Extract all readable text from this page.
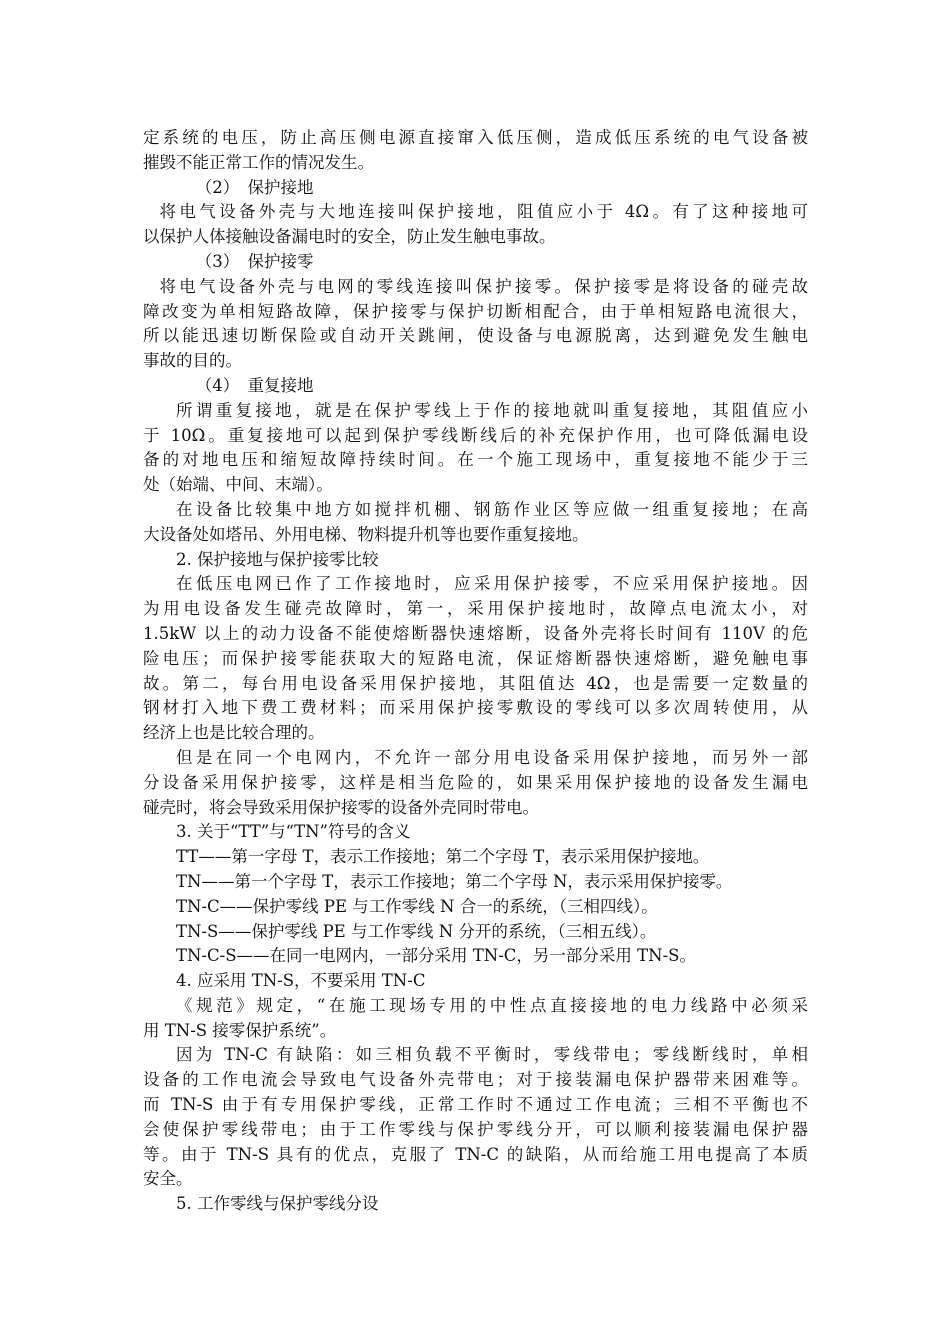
定系统的电压，防止高压侧电源直接窜入低压侧，造成低压系统的电气设备被

摧毁不能正常工作的情况发生。

（2）　保护接地

将电气设备外壳与大地连接叫保护接地，阻值应小于 4Ω。有了这种接地可

以保护人体接触设备漏电时的安全，防止发生触电事故。

（3）　保护接零

将电气设备外壳与电网的零线连接叫保护接零。保护接零是将设备的碰壳故

障改变为单相短路故障，保护接零与保护切断相配合，由于单相短路电流很大，

所以能迅速切断保险或自动开关跳闸，使设备与电源脱离，达到避免发生触电

事故的目的。

（4）　重复接地

所谓重复接地，就是在保护零线上于作的接地就叫重复接地，其阻值应小

于 10Ω。重复接地可以起到保护零线断线后的补充保护作用，也可降低漏电设

备的对地电压和缩短故障持续时间。在一个施工现场中，重复接地不能少于三

处（始端、中间、末端）。

在设备比较集中地方如搅拌机棚、钢筋作业区等应做一组重复接地；在高

大设备处如塔吊、外用电梯、物料提升机等也要作重复接地。

2. 保护接地与保护接零比较

在低压电网已作了工作接地时，应采用保护接零，不应采用保护接地。因

为用电设备发生碰壳故障时，第一，采用保护接地时，故障点电流太小，对

1.5kW 以上的动力设备不能使熔断器快速熔断，设备外壳将长时间有 110V 的危

险电压；而保护接零能获取大的短路电流，保证熔断器快速熔断，避免触电事

故。第二，每台用电设备采用保护接地，其阻值达 4Ω，也是需要一定数量的

钢材打入地下费工费材料；而采用保护接零敷设的零线可以多次周转使用，从

经济上也是比较合理的。

但是在同一个电网内，不允许一部分用电设备采用保护接地，而另外一部

分设备采用保护接零，这样是相当危险的，如果采用保护接地的设备发生漏电

碰壳时，将会导致采用保护接零的设备外壳同时带电。

3. 关于“TT”与“TN”符号的含义

TT——第一字母 T，表示工作接地；第二个字母 T，表示采用保护接地。

TN——第一个字母 T，表示工作接地；第二个字母 N，表示采用保护接零。

TN-C——保护零线 PE 与工作零线 N 合一的系统，（三相四线）。

TN-S——保护零线 PE 与工作零线 N 分开的系统，（三相五线）。

TN-C-S——在同一电网内，一部分采用 TN-C，另一部分采用 TN-S。

4. 应采用 TN-S，不要采用 TN-C

《规范》规定，“在施工现场专用的中性点直接接地的电力线路中必须采

用 TN-S 接零保护系统”。

因为 TN-C 有缺陷：如三相负载不平衡时，零线带电；零线断线时，单相

设备的工作电流会导致电气设备外壳带电；对于接装漏电保护器带来困难等。

而 TN-S 由于有专用保护零线，正常工作时不通过工作电流；三相不平衡也不

会使保护零线带电；由于工作零线与保护零线分开，可以顺利接装漏电保护器

等。由于 TN-S 具有的优点，克服了 TN-C 的缺陷，从而给施工用电提高了本质

安全。

5. 工作零线与保护零线分设
